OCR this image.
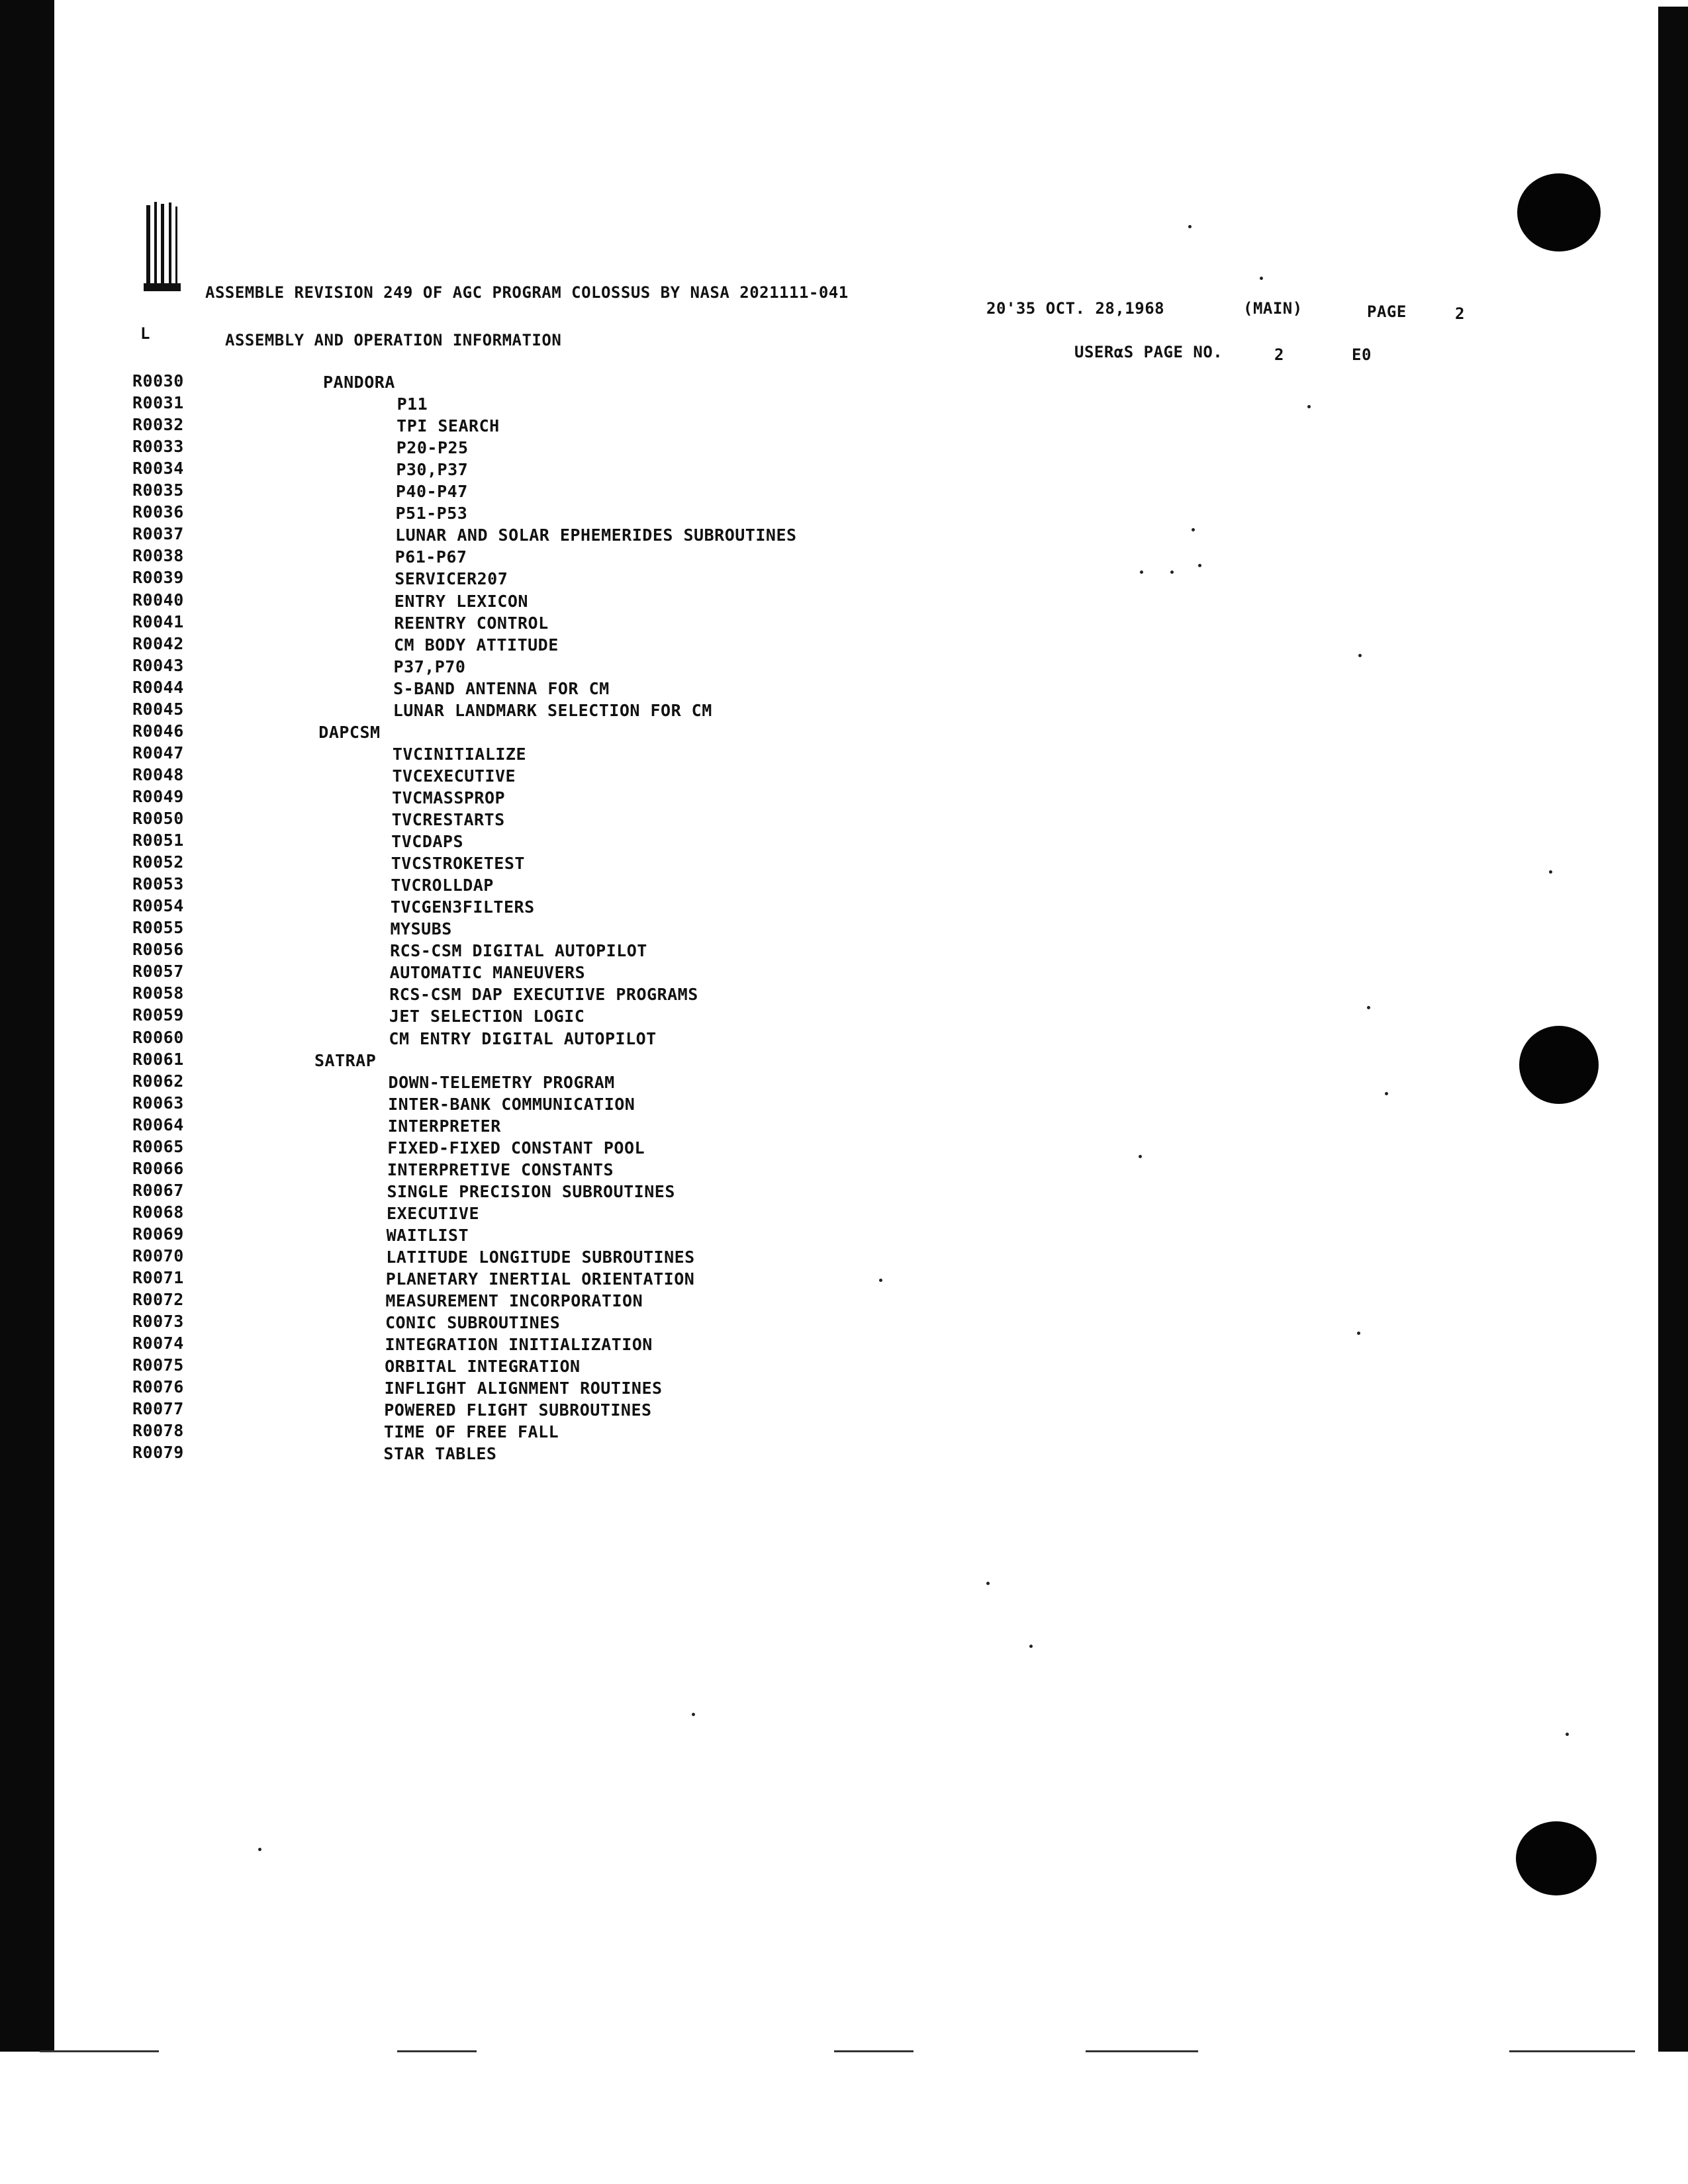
ASSEMBLE REVISION 249 OF AGC PROGRAM COLOSSUS BY NASA 2021111-041
20'35 OCT. 28,1968	(MAIN)	PAGE	2
L	ASSEMBLY AND OPERATION INFORMATION
USERαS PAGE NO.	2	E0
R0030	PANDORA
R0031	P11
R0032	TPI SEARCH
R0033	P20-P25
R0034	P30,P37
R0035	P40-P47
R0036	P51-P53
R0037	LUNAR AND SOLAR EPHEMERIDES SUBROUTINES
R0038	P61-P67
R0039	SERVICER207
R0040	ENTRY LEXICON
R0041	REENTRY CONTROL
R0042	CM BODY ATTITUDE
R0043	P37,P70
R0044	S-BAND ANTENNA FOR CM
R0045	LUNAR LANDMARK SELECTION FOR CM
R0046	DAPCSM
R0047	TVCINITIALIZE
R0048	TVCEXECUTIVE
R0049	TVCMASSPROP
R0050	TVCRESTARTS
R0051	TVCDAPS
R0052	TVCSTROKETEST
R0053	TVCROLLDAP
R0054	TVCGEN3FILTERS
R0055	MYSUBS
R0056	RCS-CSM DIGITAL AUTOPILOT
R0057	AUTOMATIC MANEUVERS
R0058	RCS-CSM DAP EXECUTIVE PROGRAMS
R0059	JET SELECTION LOGIC
R0060	CM ENTRY DIGITAL AUTOPILOT
R0061	SATRAP
R0062	DOWN-TELEMETRY PROGRAM
R0063	INTER-BANK COMMUNICATION
R0064	INTERPRETER
R0065	FIXED-FIXED CONSTANT POOL
R0066	INTERPRETIVE CONSTANTS
R0067	SINGLE PRECISION SUBROUTINES
R0068	EXECUTIVE
R0069	WAITLIST
R0070	LATITUDE LONGITUDE SUBROUTINES
R0071	PLANETARY INERTIAL ORIENTATION
R0072	MEASUREMENT INCORPORATION
R0073	CONIC SUBROUTINES
R0074	INTEGRATION INITIALIZATION
R0075	ORBITAL INTEGRATION
R0076	INFLIGHT ALIGNMENT ROUTINES
R0077	POWERED FLIGHT SUBROUTINES
R0078	TIME OF FREE FALL
R0079	STAR TABLES
